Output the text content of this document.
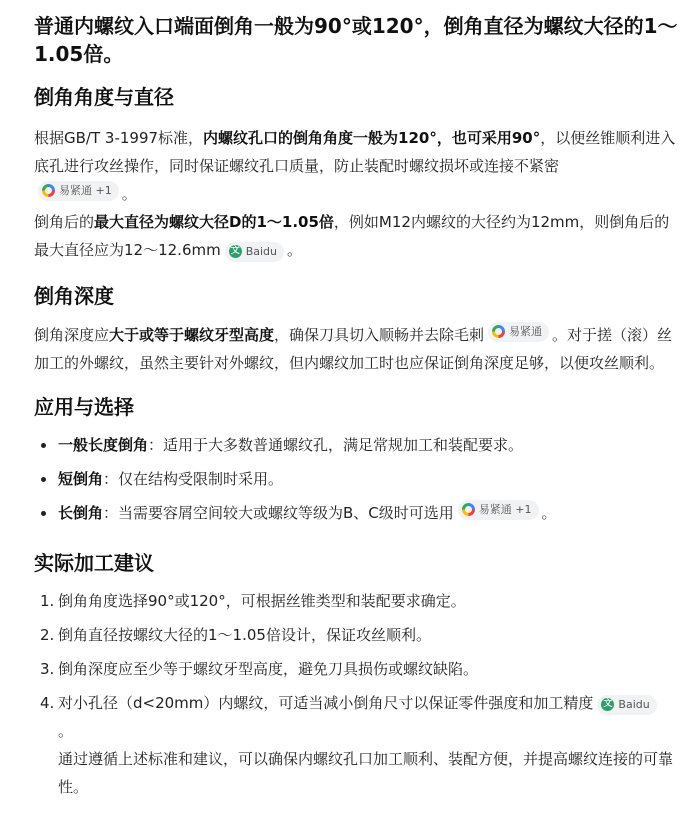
普通内螺纹入口端面倒角一般为90°或120°，倒角直径为螺纹大径的1～1.05倍。
倒角角度与直径

根据GB/T 3-1997标准，内螺纹孔口的倒角角度一般为120°，也可采用90°，以便丝锥顺利进入底孔进行攻丝操作，同时保证螺纹孔口质量，防止装配时螺纹损坏或连接不紧密

易紧通 +1 。

倒角后的最大直径为螺纹大径D的1～1.05倍，例如M12内螺纹的大径约为12mm，则倒角后的最大直径应为12～12.6mm 文 Baidu 。

倒角深度

倒角深度应大于或等于螺纹牙型高度，确保刀具切入顺畅并去除毛刺 易紧通 。对于搓（滚）丝加工的外螺纹，虽然主要针对外螺纹，但内螺纹加工时也应保证倒角深度足够，以便攻丝顺利。

应用与选择
一般长度倒角：适用于大多数普通螺纹孔，满足常规加工和装配要求。
短倒角：仅在结构受限制时采用。
长倒角：当需要容屑空间较大或螺纹等级为B、C级时可选用 易紧通 +1 。
实际加工建议
1. 倒角角度选择90°或120°，可根据丝锥类型和装配要求确定。
2. 倒角直径按螺纹大径的1～1.05倍设计，保证攻丝顺利。
3. 倒角深度应至少等于螺纹牙型高度，避免刀具损伤或螺纹缺陷。
4. 对小孔径（d<20mm）内螺纹，可适当减小倒角尺寸以保证零件强度和加工精度 文 Baidu

。
通过遵循上述标准和建议，可以确保内螺纹孔口加工顺利、装配方便，并提高螺纹连接的可靠性。
